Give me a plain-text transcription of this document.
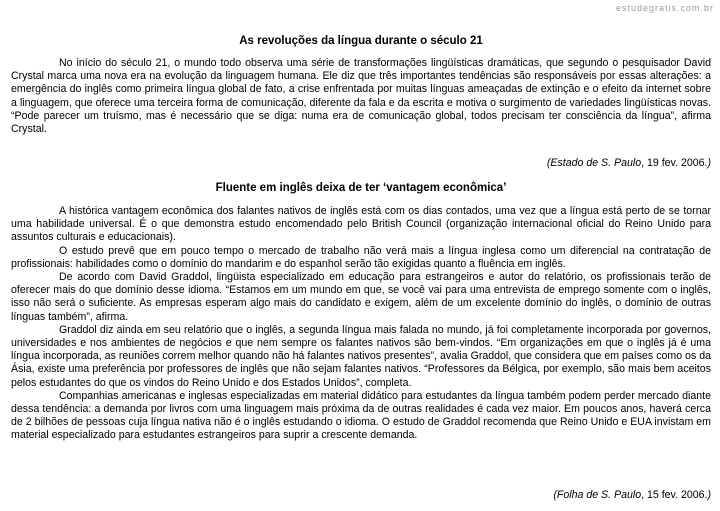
estudegratis.com.br
As revoluções da língua durante o século 21

No início do século 21, o mundo todo observa uma série de transformações lingüísticas dramáticas, que segundo o pesquisador David Crystal marca uma nova era na evolução da linguagem humana. Ele diz que três importantes tendências são responsáveis por essas alterações: a emergência do inglês como primeira língua global de fato, a crise enfrentada por muitas línguas ameaçadas de extinção e o efeito da internet sobre a linguagem, que oferece uma terceira forma de comunicação, diferente da fala e da escrita e motiva o surgimento de variedades lingüísticas novas. “Pode parecer um truísmo, mas é necessário que se diga: numa era de comunicação global, todos precisam ter consciência da língua”, afirma Crystal.

(Estado de S. Paulo, 19 fev. 2006.)
Fluente em inglês deixa de ter ‘vantagem econômica’

A histórica vantagem econômica dos falantes nativos de inglês está com os dias contados, uma vez que a língua está perto de se tornar uma habilidade universal. É o que demonstra estudo encomendado pelo British Council (organização internacional oficial do Reino Unido para assuntos culturais e educacionais).

O estudo prevê que em pouco tempo o mercado de trabalho não verá mais a língua inglesa como um diferencial na contratação de profissionais: habilidades como o domínio do mandarim e do espanhol serão tão exigidas quanto a fluência em inglês.

De acordo com David Graddol, lingüista especializado em educação para estrangeiros e autor do relatório, os profissionais terão de oferecer mais do que domínio desse idioma. “Estamos em um mundo em que, se você vai para uma entrevista de emprego somente com o inglês, isso não será o suficiente. As empresas esperam algo mais do candidato e exigem, além de um excelente domínio do inglês, o domínio de outras línguas também”, afirma.

Graddol diz ainda em seu relatório que o inglês, a segunda língua mais falada no mundo, já foi completamente incorporada por governos, universidades e nos ambientes de negócios e que nem sempre os falantes nativos são bem-vindos. “Em organizações em que o inglês já é uma língua incorporada, as reuniões correm melhor quando não há falantes nativos presentes”, avalia Graddol, que considera que em países como os da Ásia, existe uma preferência por professores de inglês que não sejam falantes nativos. “Professores da Bélgica, por exemplo, são mais bem aceitos pelos estudantes do que os vindos do Reino Unido e dos Estados Unidos”, completa.

Companhias americanas e inglesas especializadas em material didático para estudantes da língua também podem perder mercado diante dessa tendência: a demanda por livros com uma linguagem mais próxima da de outras realidades é cada vez maior. Em poucos anos, haverá cerca de 2 bilhões de pessoas cuja língua nativa não é o inglês estudando o idioma. O estudo de Graddol recomenda que Reino Unido e EUA invistam em material especializado para estudantes estrangeiros para suprir a crescente demanda.

(Folha de S. Paulo, 15 fev. 2006.)
